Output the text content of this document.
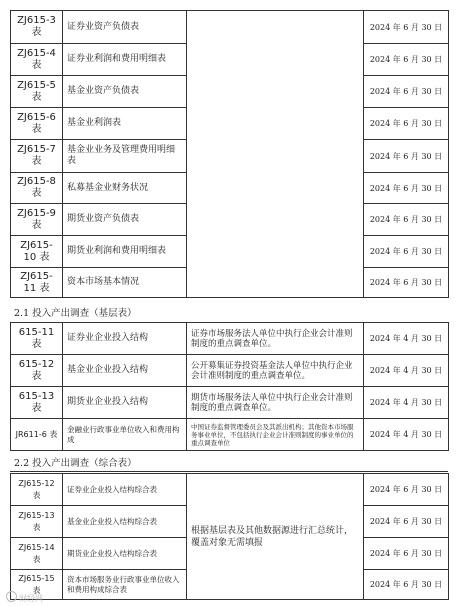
ZJ615-3 表	证券业资产负债表		2024 年 6 月 30 日
ZJ615-4 表	证券业利润和费用明细表		2024 年 6 月 30 日
ZJ615-5 表	基金业资产负债表		2024 年 6 月 30 日
ZJ615-6 表	基金业利润表		2024 年 6 月 30 日
ZJ615-7 表	基金业业务及管理费用明细表		2024 年 6 月 30 日
ZJ615-8 表	私募基金业财务状况		2024 年 6 月 30 日
ZJ615-9 表	期货业资产负债表		2024 年 6 月 30 日
ZJ615-10 表	期货业利润和费用明细表		2024 年 6 月 30 日
ZJ615-11 表	资本市场基本情况		2024 年 6 月 30 日
2.1 投入产出调查（基层表）
615-11 表	证券业企业投入结构	证券市场服务法人单位中执行企业会计准则制度的重点调查单位。	2024 年 4 月 30 日
615-12 表	基金业企业投入结构	公开募集证券投资基金法人单位中执行企业会计准则制度的重点调查单位。	2024 年 4 月 30 日
615-13 表	期货业企业投入结构	期货市场服务法人单位中执行企业会计准则制度的重点调查单位。	2024 年 4 月 30 日
JR611-6 表	金融业行政事业单位收入和费用构成	中国证券监督管理委员会及其派出机构；其他资本市场服务事业单位，不包括执行企业会计准则制度的事业单位的重点调查单位	2024 年 4 月 30 日
2.2 投入产出调查（综合表）
ZJ615-12 表	证券业企业投入结构综合表	根据基层表及其他数据源进行汇总统计，覆盖对象无需填报	2024 年 6 月 30 日
ZJ615-13 表	基金业企业投入结构综合表		2024 年 6 月 30 日
ZJ615-14 表	期货业企业投入结构综合表		2024 年 6 月 30 日
ZJ615-15 表	资本市场服务业行政事业单位收入和费用构成综合表		2024 年 6 月 30 日
财经网
